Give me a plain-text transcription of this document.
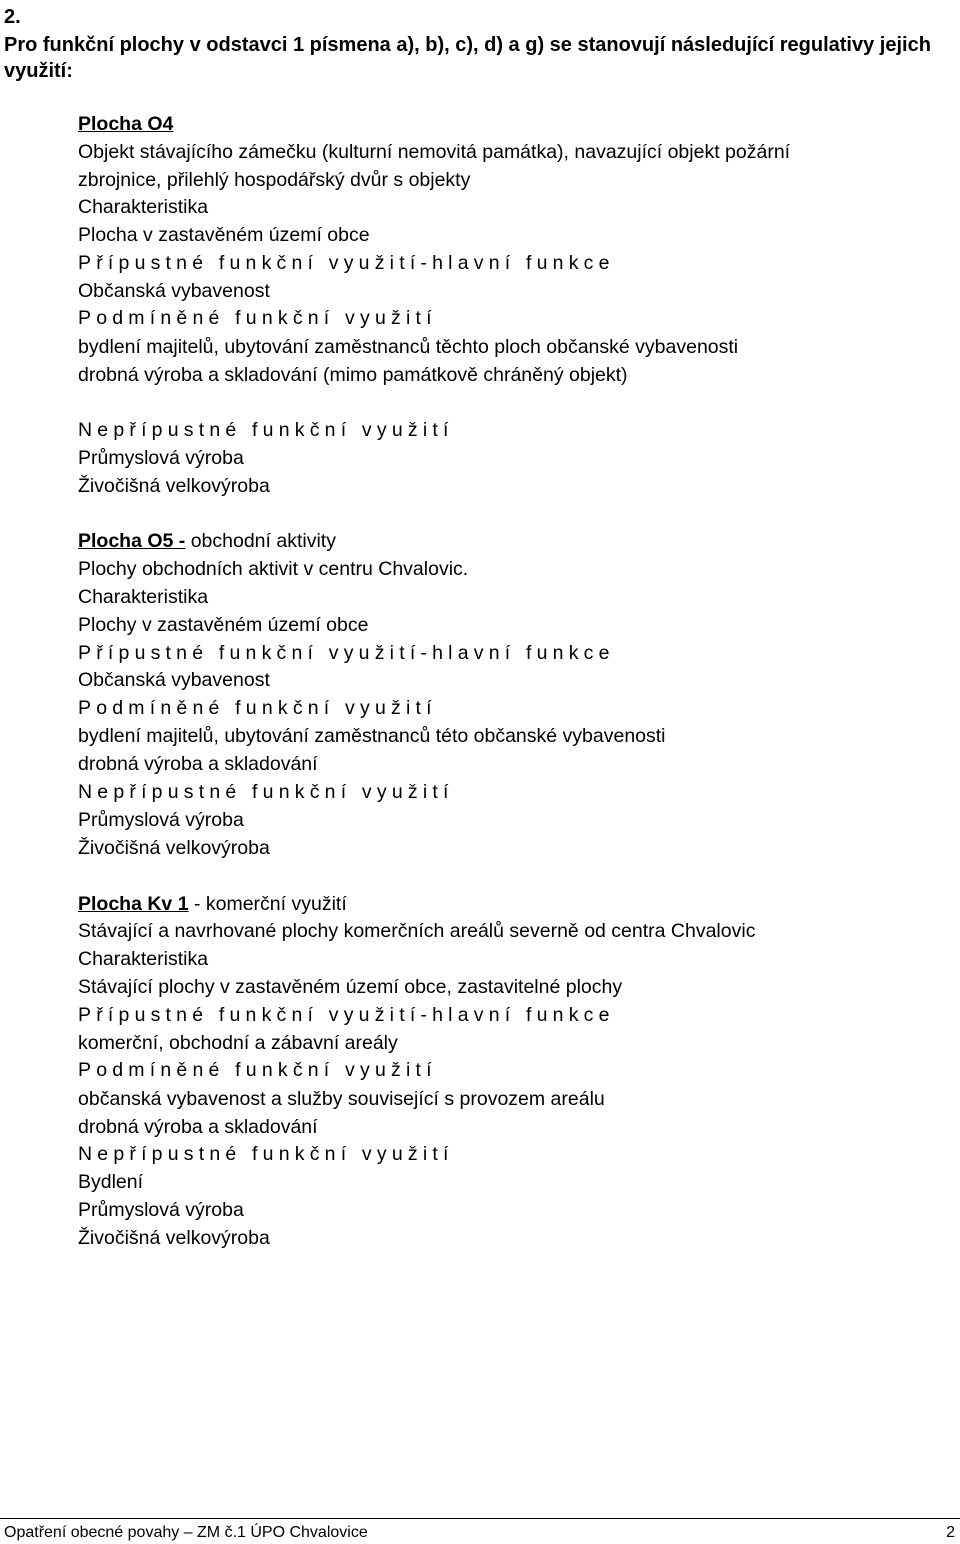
2.
Pro funkční plochy v odstavci 1 písmena a), b), c), d) a g) se stanovují následující regulativy jejich využití:
Plocha O4
Objekt stávajícího zámečku (kulturní nemovitá památka), navazující objekt požární
zbrojnice, přilehlý hospodářský dvůr s objekty
Charakteristika
Plocha v zastavěném území obce
Přípustné funkční využití-hlavní funkce
Občanská vybavenost
Podmíněné funkční využití
bydlení majitelů, ubytování zaměstnanců těchto ploch občanské vybavenosti
drobná výroba a skladování (mimo památkově chráněný objekt)
Nepřípustné funkční využití
Průmyslová výroba
Živočišná velkovýroba
Plocha O5 - obchodní aktivity
Plochy obchodních aktivit v centru Chvalovic.
Charakteristika
Plochy v zastavěném území obce
Přípustné funkční využití-hlavní funkce
Občanská vybavenost
Podmíněné funkční využití
bydlení majitelů, ubytování zaměstnanců této občanské vybavenosti
drobná výroba a skladování
Nepřípustné funkční využití
Průmyslová výroba
Živočišná velkovýroba
Plocha Kv 1 - komerční využití
Stávající a navrhované plochy komerčních areálů severně od centra Chvalovic
Charakteristika
Stávající plochy v zastavěném území obce, zastavitelné plochy
Přípustné funkční využití-hlavní funkce
komerční, obchodní a zábavní areály
Podmíněné funkční využití
občanská vybavenost a služby související s provozem areálu
drobná výroba a skladování
Nepřípustné funkční využití
Bydlení
Průmyslová výroba
Živočišná velkovýroba
Opatření obecné povahy – ZM č.1 ÚPO Chvalovice	2
